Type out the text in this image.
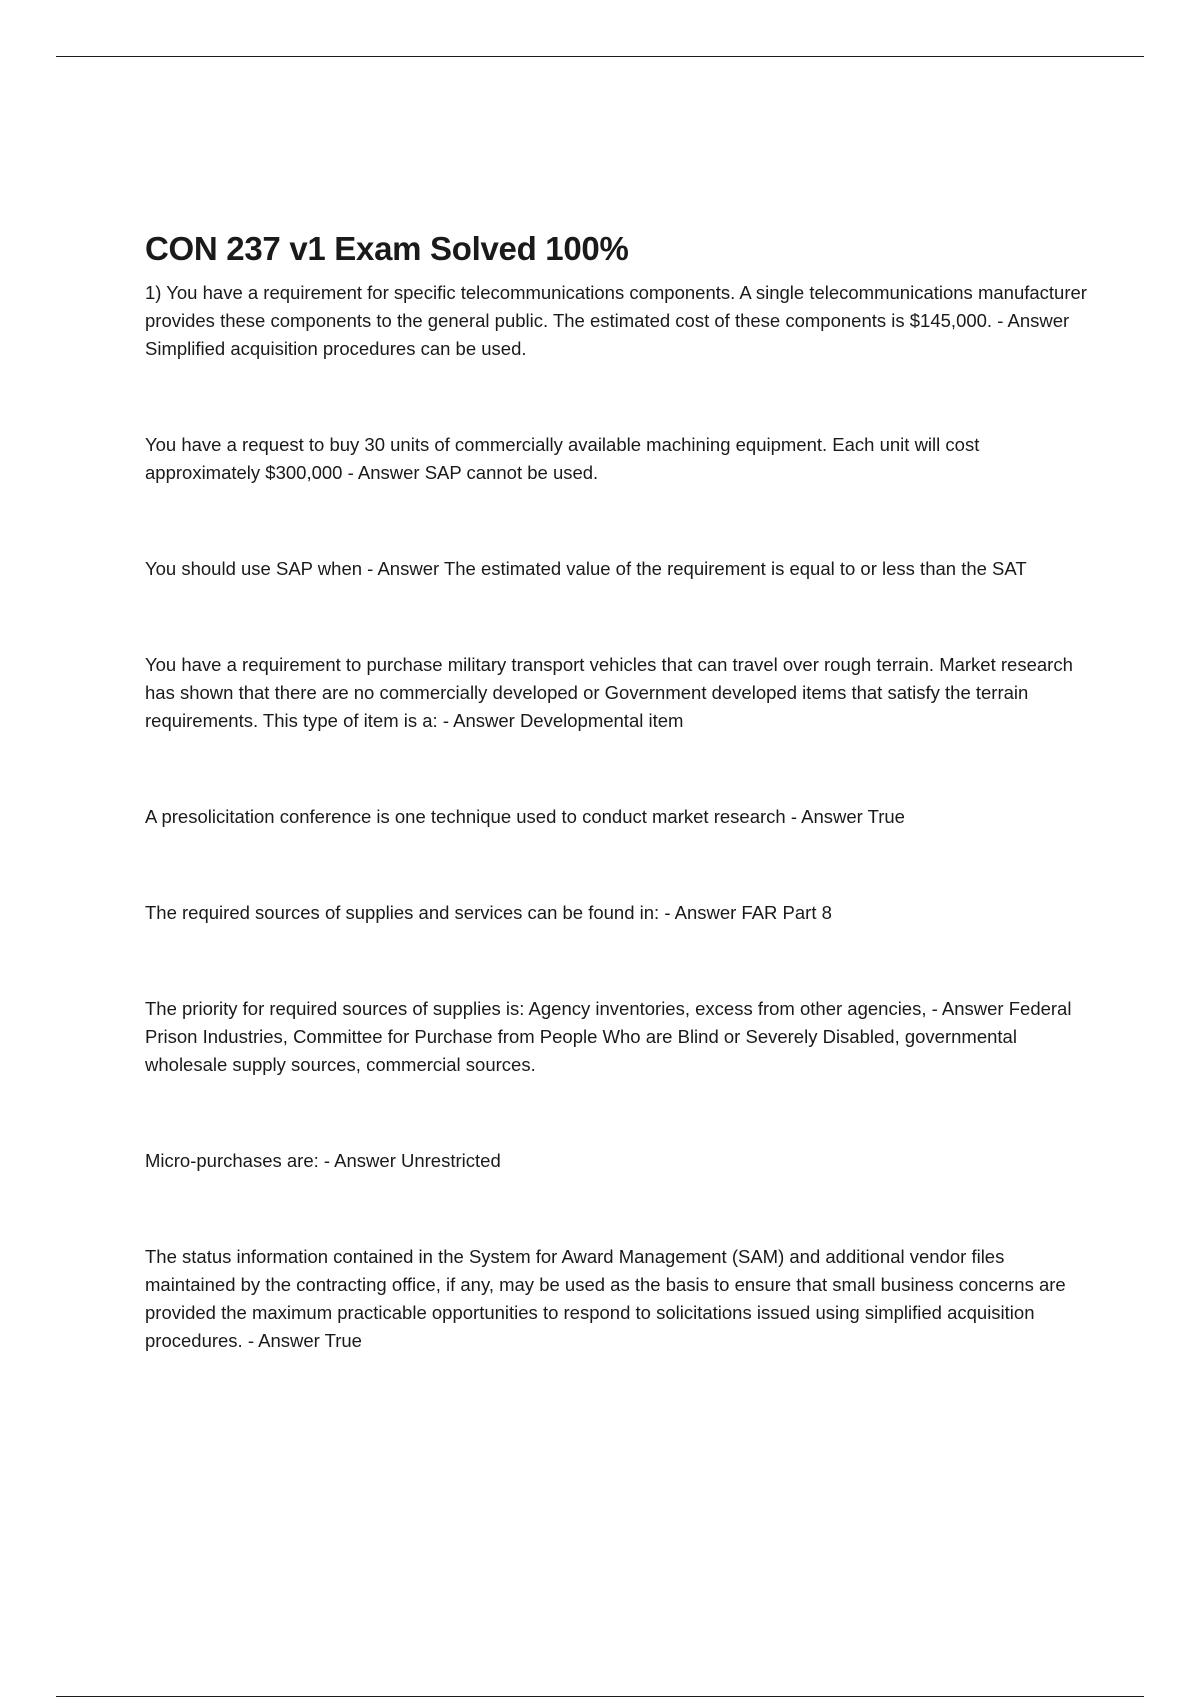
CON 237 v1 Exam Solved 100%

1) You have a requirement for specific telecommunications components. A single telecommunications manufacturer provides these components to the general public. The estimated cost of these components is $145,000. - Answer Simplified acquisition procedures can be used.

You have a request to buy 30 units of commercially available machining equipment. Each unit will cost approximately $300,000 - Answer SAP cannot be used.

You should use SAP when - Answer The estimated value of the requirement is equal to or less than the SAT

You have a requirement to purchase military transport vehicles that can travel over rough terrain. Market research has shown that there are no commercially developed or Government developed items that satisfy the terrain requirements. This type of item is a: - Answer Developmental item

A presolicitation conference is one technique used to conduct market research - Answer True

The required sources of supplies and services can be found in: - Answer FAR Part 8

The priority for required sources of supplies is: Agency inventories, excess from other agencies, - Answer Federal Prison Industries, Committee for Purchase from People Who are Blind or Severely Disabled, governmental wholesale supply sources, commercial sources.

Micro-purchases are: - Answer Unrestricted

The status information contained in the System for Award Management (SAM) and additional vendor files maintained by the contracting office, if any, may be used as the basis to ensure that small business concerns are provided the maximum practicable opportunities to respond to solicitations issued using simplified acquisition procedures. - Answer True
